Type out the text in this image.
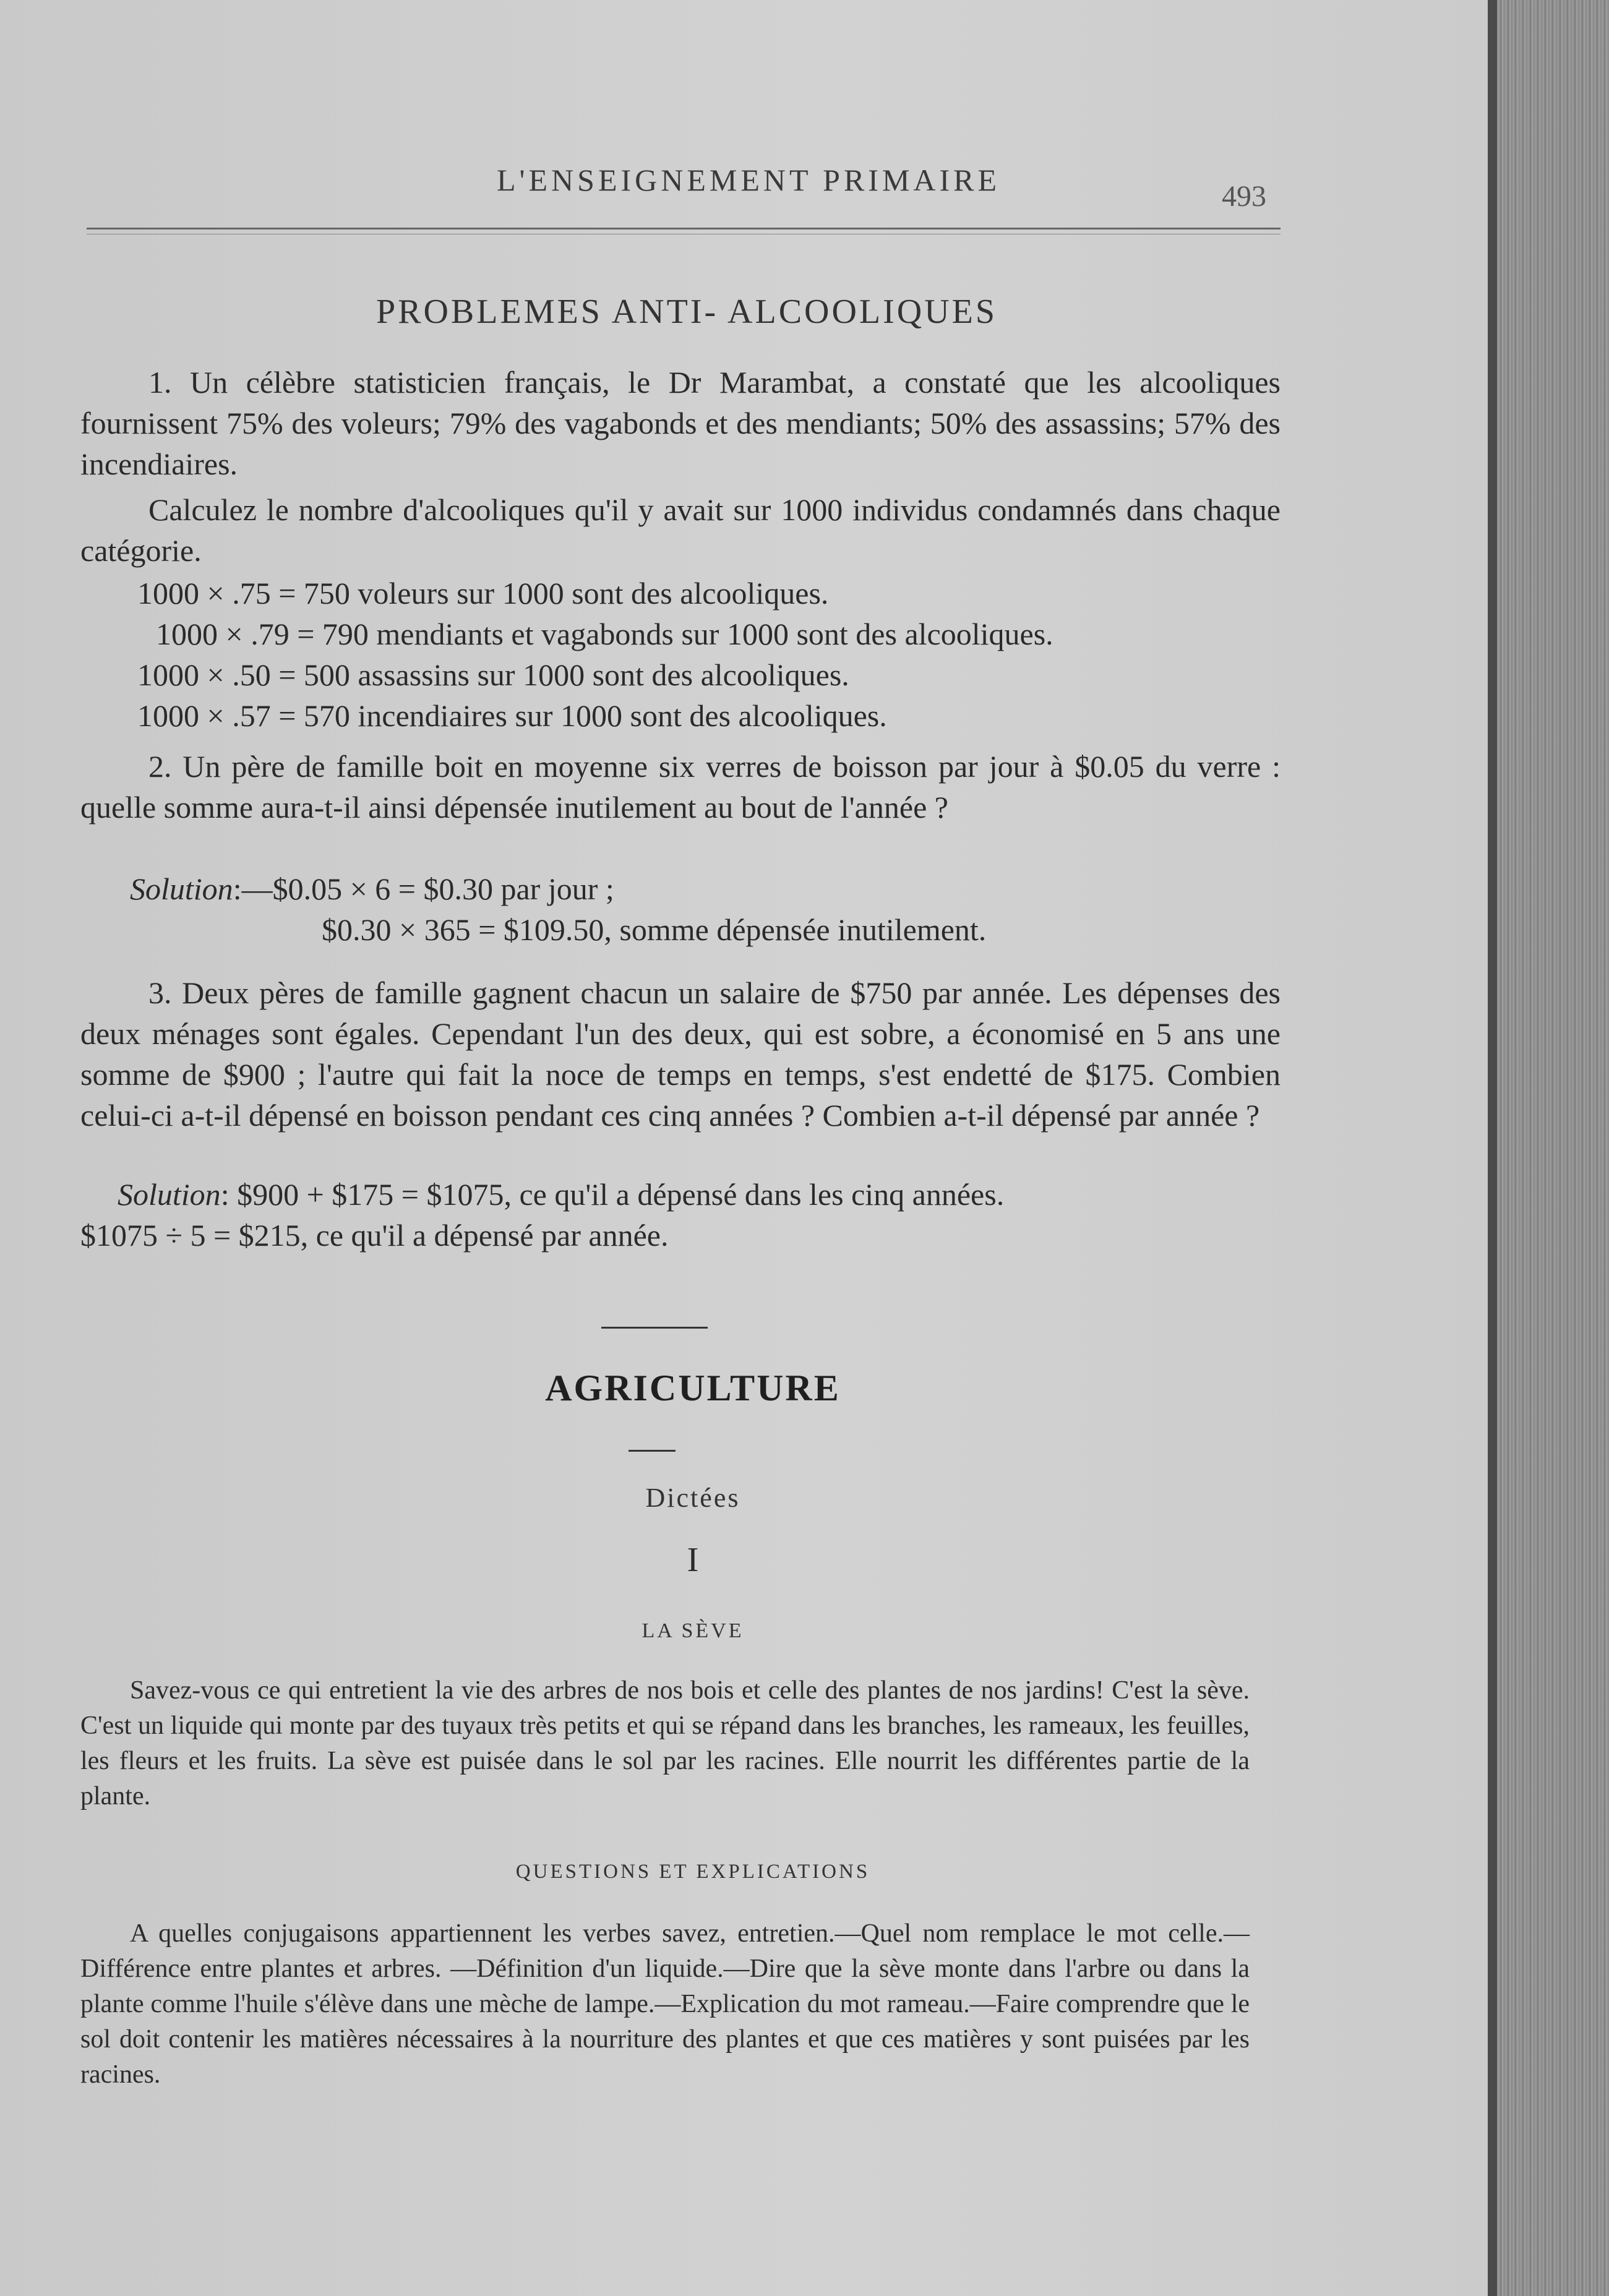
L'ENSEIGNEMENT PRIMAIRE	493
PROBLEMES ANTI- ALCOOLIQUES

1. Un célèbre statisticien français, le Dr Marambat, a constaté que les alcooliques fournissent 75% des voleurs; 79% des vagabonds et des mendiants; 50% des assassins; 57% des incendiaires.

Calculez le nombre d'alcooliques qu'il y avait sur 1000 individus condamnés dans chaque catégorie.

1000 × .75 = 750 voleurs sur 1000 sont des alcooliques.

1000 × .79 = 790 mendiants et vagabonds sur 1000 sont des alcooliques.

1000 × .50 = 500 assassins sur 1000 sont des alcooliques.

1000 × .57 = 570 incendiaires sur 1000 sont des alcooliques.

2. Un père de famille boit en moyenne six verres de boisson par jour à $0.05 du verre : quelle somme aura-t-il ainsi dépensée inutilement au bout de l'année ?

Solution:—$0.05 × 6 = $0.30 par jour ;

$0.30 × 365 = $109.50, somme dépensée inutilement.

3. Deux pères de famille gagnent chacun un salaire de $750 par année. Les dépenses des deux ménages sont égales. Cependant l'un des deux, qui est sobre, a économisé en 5 ans une somme de $900 ; l'autre qui fait la noce de temps en temps, s'est endetté de $175. Combien celui-ci a-t-il dépensé en boisson pendant ces cinq années ? Combien a-t-il dépensé par année ?

Solution: $900 + $175 = $1075, ce qu'il a dépensé dans les cinq années.

$1075 ÷ 5 = $215, ce qu'il a dépensé par année.

AGRICULTURE
Dictées
I
LA SÈVE

Savez-vous ce qui entretient la vie des arbres de nos bois et celle des plantes de nos jardins! C'est la sève. C'est un liquide qui monte par des tuyaux très petits et qui se répand dans les branches, les rameaux, les feuilles, les fleurs et les fruits. La sève est puisée dans le sol par les racines. Elle nourrit les différentes partie de la plante.

QUESTIONS ET EXPLICATIONS

A quelles conjugaisons appartiennent les verbes savez, entretien.—Quel nom remplace le mot celle.—Différence entre plantes et arbres. —Définition d'un liquide.—Dire que la sève monte dans l'arbre ou dans la plante comme l'huile s'élève dans une mèche de lampe.—Explication du mot rameau.—Faire comprendre que le sol doit contenir les matières nécessaires à la nourriture des plantes et que ces matières y sont puisées par les racines.
